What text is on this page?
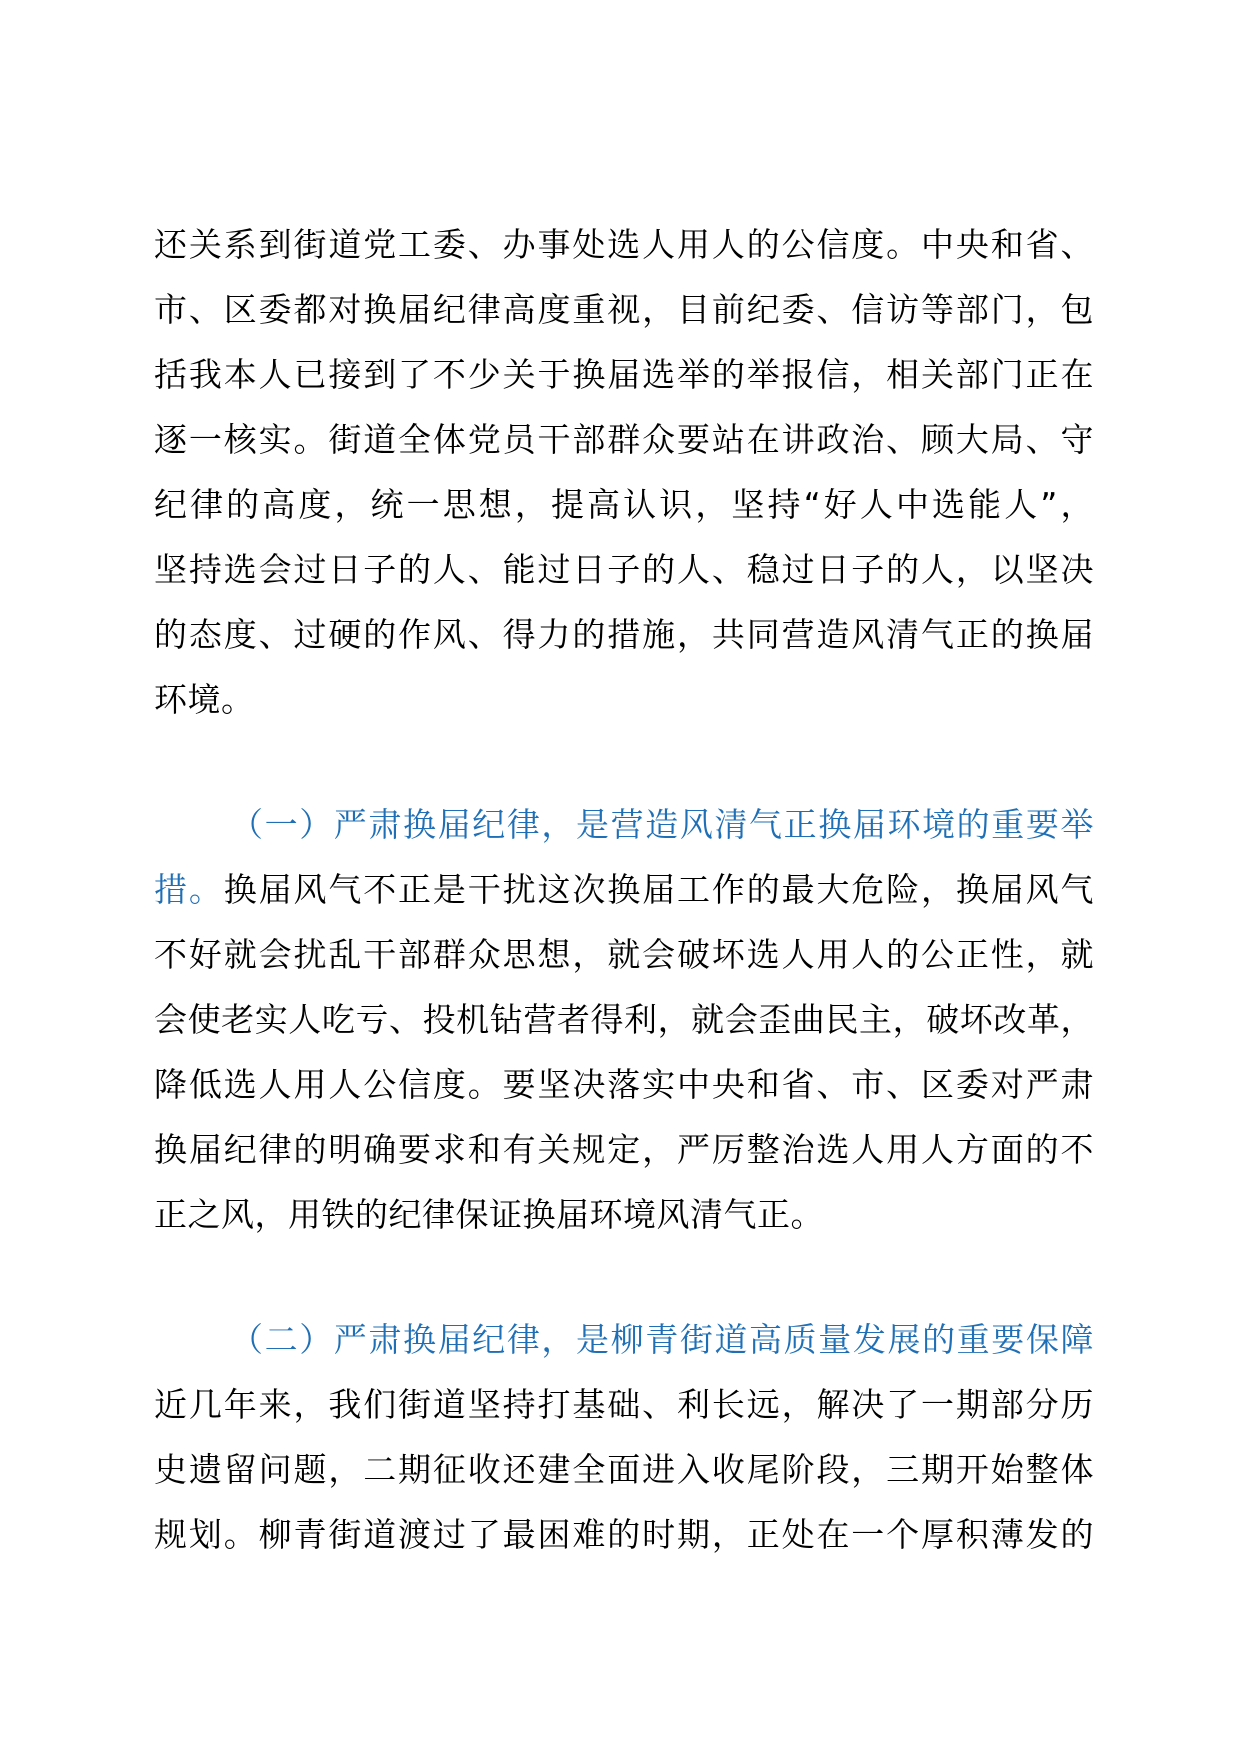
还关系到街道党工委、办事处选人用人的公信度。中央和省、
市、区委都对换届纪律高度重视，目前纪委、信访等部门，包
括我本人已接到了不少关于换届选举的举报信，相关部门正在
逐一核实。街道全体党员干部群众要站在讲政治、顾大局、守
纪律的高度，统一思想，提高认识，坚持“好人中选能人”，
坚持选会过日子的人、能过日子的人、稳过日子的人，以坚决
的态度、过硬的作风、得力的措施，共同营造风清气正的换届
环境。
（一）严肃换届纪律，是营造风清气正换届环境的重要举
措。换届风气不正是干扰这次换届工作的最大危险，换届风气
不好就会扰乱干部群众思想，就会破坏选人用人的公正性，就
会使老实人吃亏、投机钻营者得利，就会歪曲民主，破坏改革，
降低选人用人公信度。要坚决落实中央和省、市、区委对严肃
换届纪律的明确要求和有关规定，严厉整治选人用人方面的不
正之风，用铁的纪律保证换届环境风清气正。
（二）严肃换届纪律，是柳青街道高质量发展的重要保障
近几年来，我们街道坚持打基础、利长远，解决了一期部分历
史遗留问题，二期征收还建全面进入收尾阶段，三期开始整体
规划。柳青街道渡过了最困难的时期，正处在一个厚积薄发的
